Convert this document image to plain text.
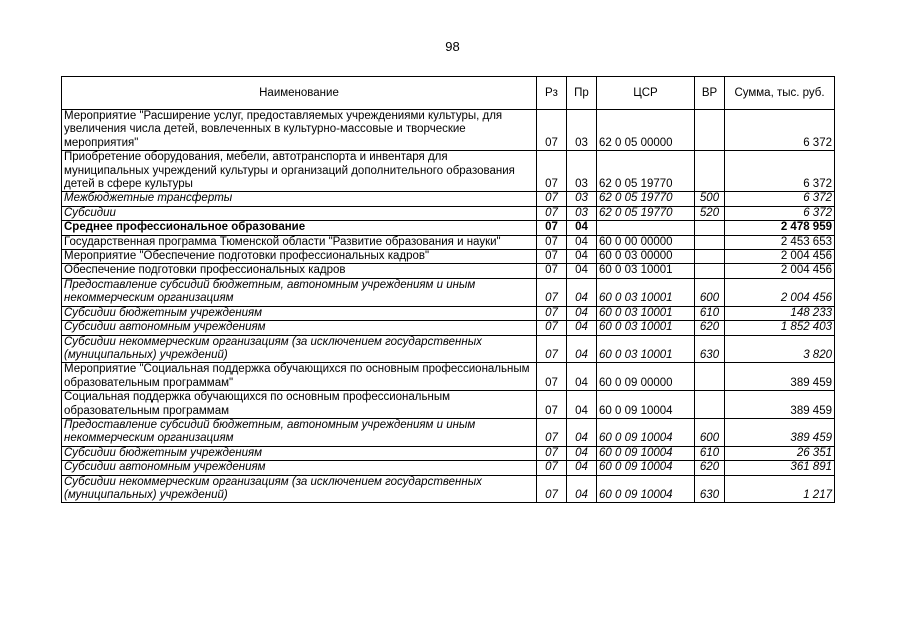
98
Наименование	Рз	Пр	ЦСР	ВР	Сумма, тыс. руб.
Мероприятие "Расширение услуг, предоставляемых учреждениями культуры, для увеличения числа детей, вовлеченных в культурно-массовые и творческие мероприятия"	07	03	62 0 05 00000		6 372
Приобретение оборудования, мебели, автотранспорта и инвентаря для муниципальных учреждений культуры и организаций дополнительного образования детей в сфере культуры	07	03	62 0 05 19770		6 372
Межбюджетные трансферты	07	03	62 0 05 19770	500	6 372
Субсидии	07	03	62 0 05 19770	520	6 372
Среднее профессиональное образование	07	04			2 478 959
Государственная программа Тюменской области "Развитие образования и науки"	07	04	60 0 00 00000		2 453 653
Мероприятие "Обеспечение подготовки профессиональных кадров"	07	04	60 0 03 00000		2 004 456
Обеспечение подготовки профессиональных кадров	07	04	60 0 03 10001		2 004 456
Предоставление субсидий бюджетным, автономным учреждениям и иным некоммерческим организациям	07	04	60 0 03 10001	600	2 004 456
Субсидии бюджетным учреждениям	07	04	60 0 03 10001	610	148 233
Субсидии автономным учреждениям	07	04	60 0 03 10001	620	1 852 403
Субсидии некоммерческим организациям (за исключением государственных (муниципальных) учреждений)	07	04	60 0 03 10001	630	3 820
Мероприятие "Социальная поддержка обучающихся по основным профессиональным образовательным программам"	07	04	60 0 09 00000		389 459
Социальная поддержка обучающихся по основным профессиональным образовательным программам	07	04	60 0 09 10004		389 459
Предоставление субсидий бюджетным, автономным учреждениям и иным некоммерческим организациям	07	04	60 0 09 10004	600	389 459
Субсидии бюджетным учреждениям	07	04	60 0 09 10004	610	26 351
Субсидии автономным учреждениям	07	04	60 0 09 10004	620	361 891
Субсидии некоммерческим организациям (за исключением государственных (муниципальных) учреждений)	07	04	60 0 09 10004	630	1 217
